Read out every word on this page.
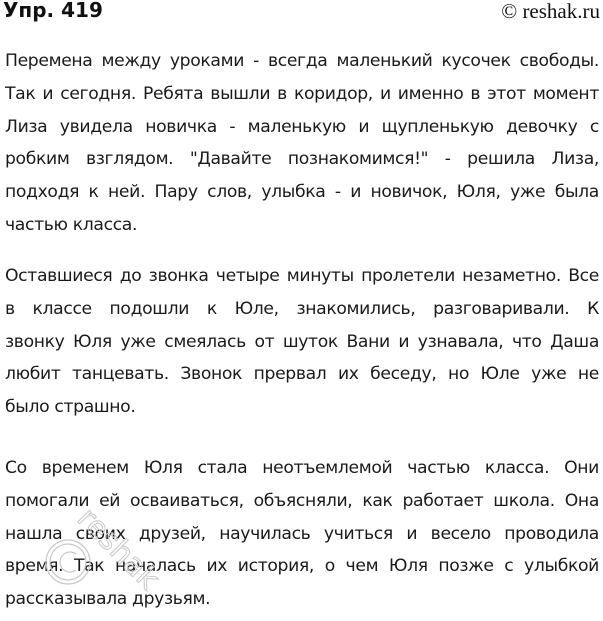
Упр. 419	© reshak.ru
Перемена между уроками - всегда маленький кусочек свободы.
Так и сегодня. Ребята вышли в коридор, и именно в этот момент
Лиза увидела новичка - маленькую и щупленькую девочку с
робким взглядом. "Давайте познакомимся!" - решила Лиза,
подходя к ней. Пару слов, улыбка - и новичок, Юля, уже была
частью класса.
Оставшиеся до звонка четыре минуты пролетели незаметно. Все
в классе подошли к Юле, знакомились, разговаривали. К
звонку Юля уже смеялась от шуток Вани и узнавала, что Даша
любит танцевать. Звонок прервал их беседу, но Юле уже не
было страшно.
Со временем Юля стала неотъемлемой частью класса. Они
помогали ей осваиваться, объясняли, как работает школа. Она
нашла своих друзей, научилась учиться и весело проводила
время. Так началась их история, о чем Юля позже с улыбкой
рассказывала друзьям.
reshak
